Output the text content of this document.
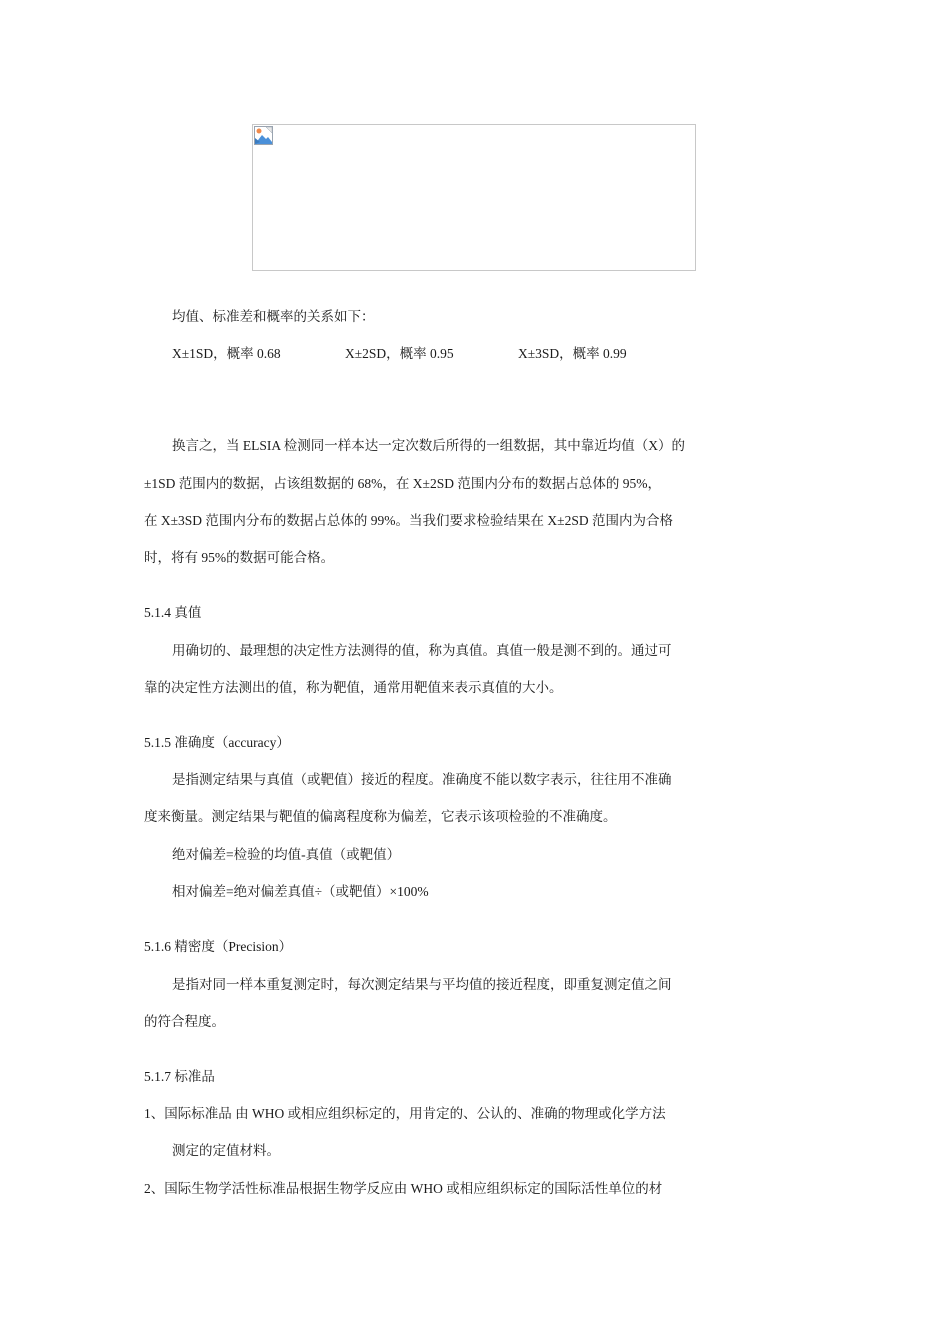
均值、标准差和概率的关系如下：
X±1SD，概率 0.68	X±2SD，概率 0.95	X±3SD，概率 0.99
换言之，当 ELSIA 检测同一样本达一定次数后所得的一组数据，其中靠近均值（X）的
±1SD 范围内的数据，占该组数据的 68%，在 X±2SD 范围内分布的数据占总体的 95%，
在 X±3SD 范围内分布的数据占总体的 99%。当我们要求检验结果在 X±2SD 范围内为合格
时，将有 95%的数据可能合格。
5.1.4 真值
用确切的、最理想的决定性方法测得的值，称为真值。真值一般是测不到的。通过可
靠的决定性方法测出的值，称为靶值，通常用靶值来表示真值的大小。
5.1.5 准确度（accuracy）
是指测定结果与真值（或靶值）接近的程度。准确度不能以数字表示，往往用不准确
度来衡量。测定结果与靶值的偏离程度称为偏差，它表示该项检验的不准确度。
绝对偏差=检验的均值-真值（或靶值）
相对偏差=绝对偏差真值÷（或靶值）×100%
5.1.6 精密度（Precision）
是指对同一样本重复测定时，每次测定结果与平均值的接近程度，即重复测定值之间
的符合程度。
5.1.7 标准品
1、国际标准品 由 WHO 或相应组织标定的，用肯定的、公认的、准确的物理或化学方法
测定的定值材料。
2、国际生物学活性标准品根据生物学反应由 WHO 或相应组织标定的国际活性单位的材
